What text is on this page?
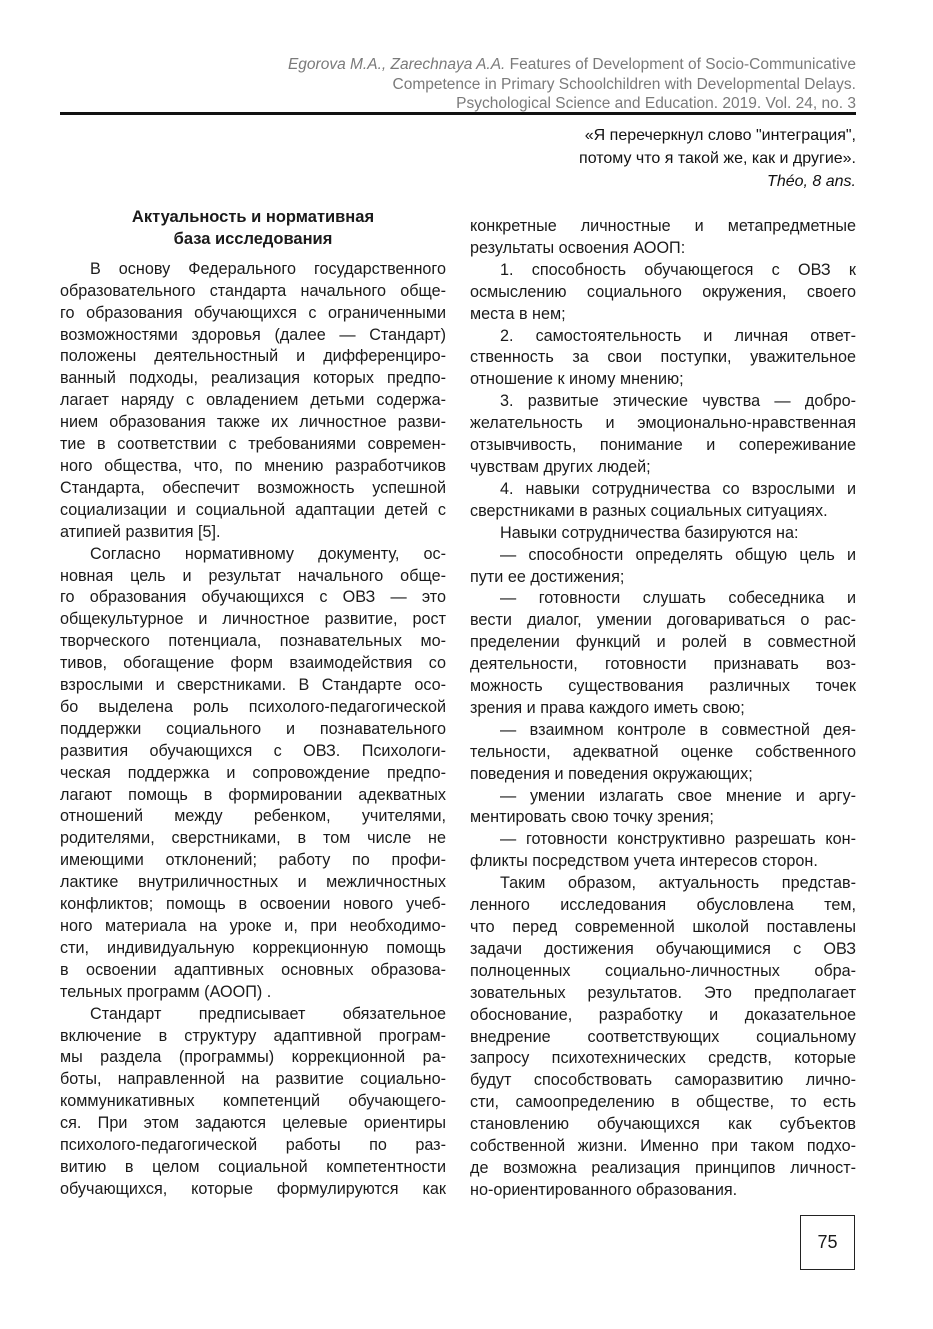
Egorova M.A., Zarechnaya A.A. Features of Development of Socio-Communicative
Competence in Primary Schoolchildren with Developmental Delays.
Psychological Science and Education. 2019. Vol. 24, no. 3
«Я перечеркнул слово "интеграция",
потому что я такой же, как и другие».
Théo, 8 ans.
Актуальность и нормативная
база исследования
В основу Федерального государственного
образовательного стандарта начального обще-
го образования обучающихся с ограниченными
возможностями здоровья (далее — Стандарт)
положены деятельностный и дифференциро-
ванный подходы, реализация которых предпо-
лагает наряду с овладением детьми содержа-
нием образования также их личностное разви-
тие в соответствии с требованиями современ-
ного общества, что, по мнению разработчиков
Стандарта, обеспечит возможность успешной
социализации и социальной адаптации детей с
атипией развития [5].
Согласно нормативному документу, ос-
новная цель и результат начального обще-
го образования обучающихся с ОВЗ — это
общекультурное и личностное развитие, рост
творческого потенциала, познавательных мо-
тивов, обогащение форм взаимодействия со
взрослыми и сверстниками. В Стандарте осо-
бо выделена роль психолого-педагогической
поддержки социального и познавательного
развития обучающихся с ОВЗ. Психологи-
ческая поддержка и сопровождение предпо-
лагают помощь в формировании адекватных
отношений между ребенком, учителями,
родителями, сверстниками, в том числе не
имеющими отклонений; работу по профи-
лактике внутриличностных и межличностных
конфликтов; помощь в освоении нового учеб-
ного материала на уроке и, при необходимо-
сти, индивидуальную коррекционную помощь
в освоении адаптивных основных образова-
тельных программ (АООП) .
Стандарт предписывает обязательное
включение в структуру адаптивной програм-
мы раздела (программы) коррекционной ра-
боты, направленной на развитие социально-
коммуникативных компетенций обучающего-
ся. При этом задаются целевые ориентиры
психолого-педагогической работы по раз-
витию в целом социальной компетентности
обучающихся, которые формулируются как
конкретные личностные и метапредметные
результаты освоения АООП:
1. способность обучающегося с ОВЗ к
осмыслению социального окружения, своего
места в нем;
2. самостоятельность и личная ответ-
ственность за свои поступки, уважительное
отношение к иному мнению;
3. развитые этические чувства — добро-
желательность и эмоционально-нравственная
отзывчивость, понимание и сопереживание
чувствам других людей;
4. навыки сотрудничества со взрослыми и
сверстниками в разных социальных ситуациях.
Навыки сотрудничества базируются на:
— способности определять общую цель и
пути ее достижения;
— готовности слушать собеседника и
вести диалог, умении договариваться о рас-
пределении функций и ролей в совместной
деятельности, готовности признавать воз-
можность существования различных точек
зрения и права каждого иметь свою;
— взаимном контроле в совместной дея-
тельности, адекватной оценке собственного
поведения и поведения окружающих;
— умении излагать свое мнение и аргу-
ментировать свою точку зрения;
— готовности конструктивно разрешать кон-
фликты посредством учета интересов сторон.
Таким образом, актуальность представ-
ленного исследования обусловлена тем,
что перед современной школой поставлены
задачи достижения обучающимися с ОВЗ
полноценных социально-личностных обра-
зовательных результатов. Это предполагает
обоснование, разработку и доказательное
внедрение соответствующих социальному
запросу психотехнических средств, которые
будут способствовать саморазвитию лично-
сти, самоопределению в обществе, то есть
становлению обучающихся как субъектов
собственной жизни. Именно при таком подхо-
де возможна реализация принципов личност-
но-ориентированного образования.
75
